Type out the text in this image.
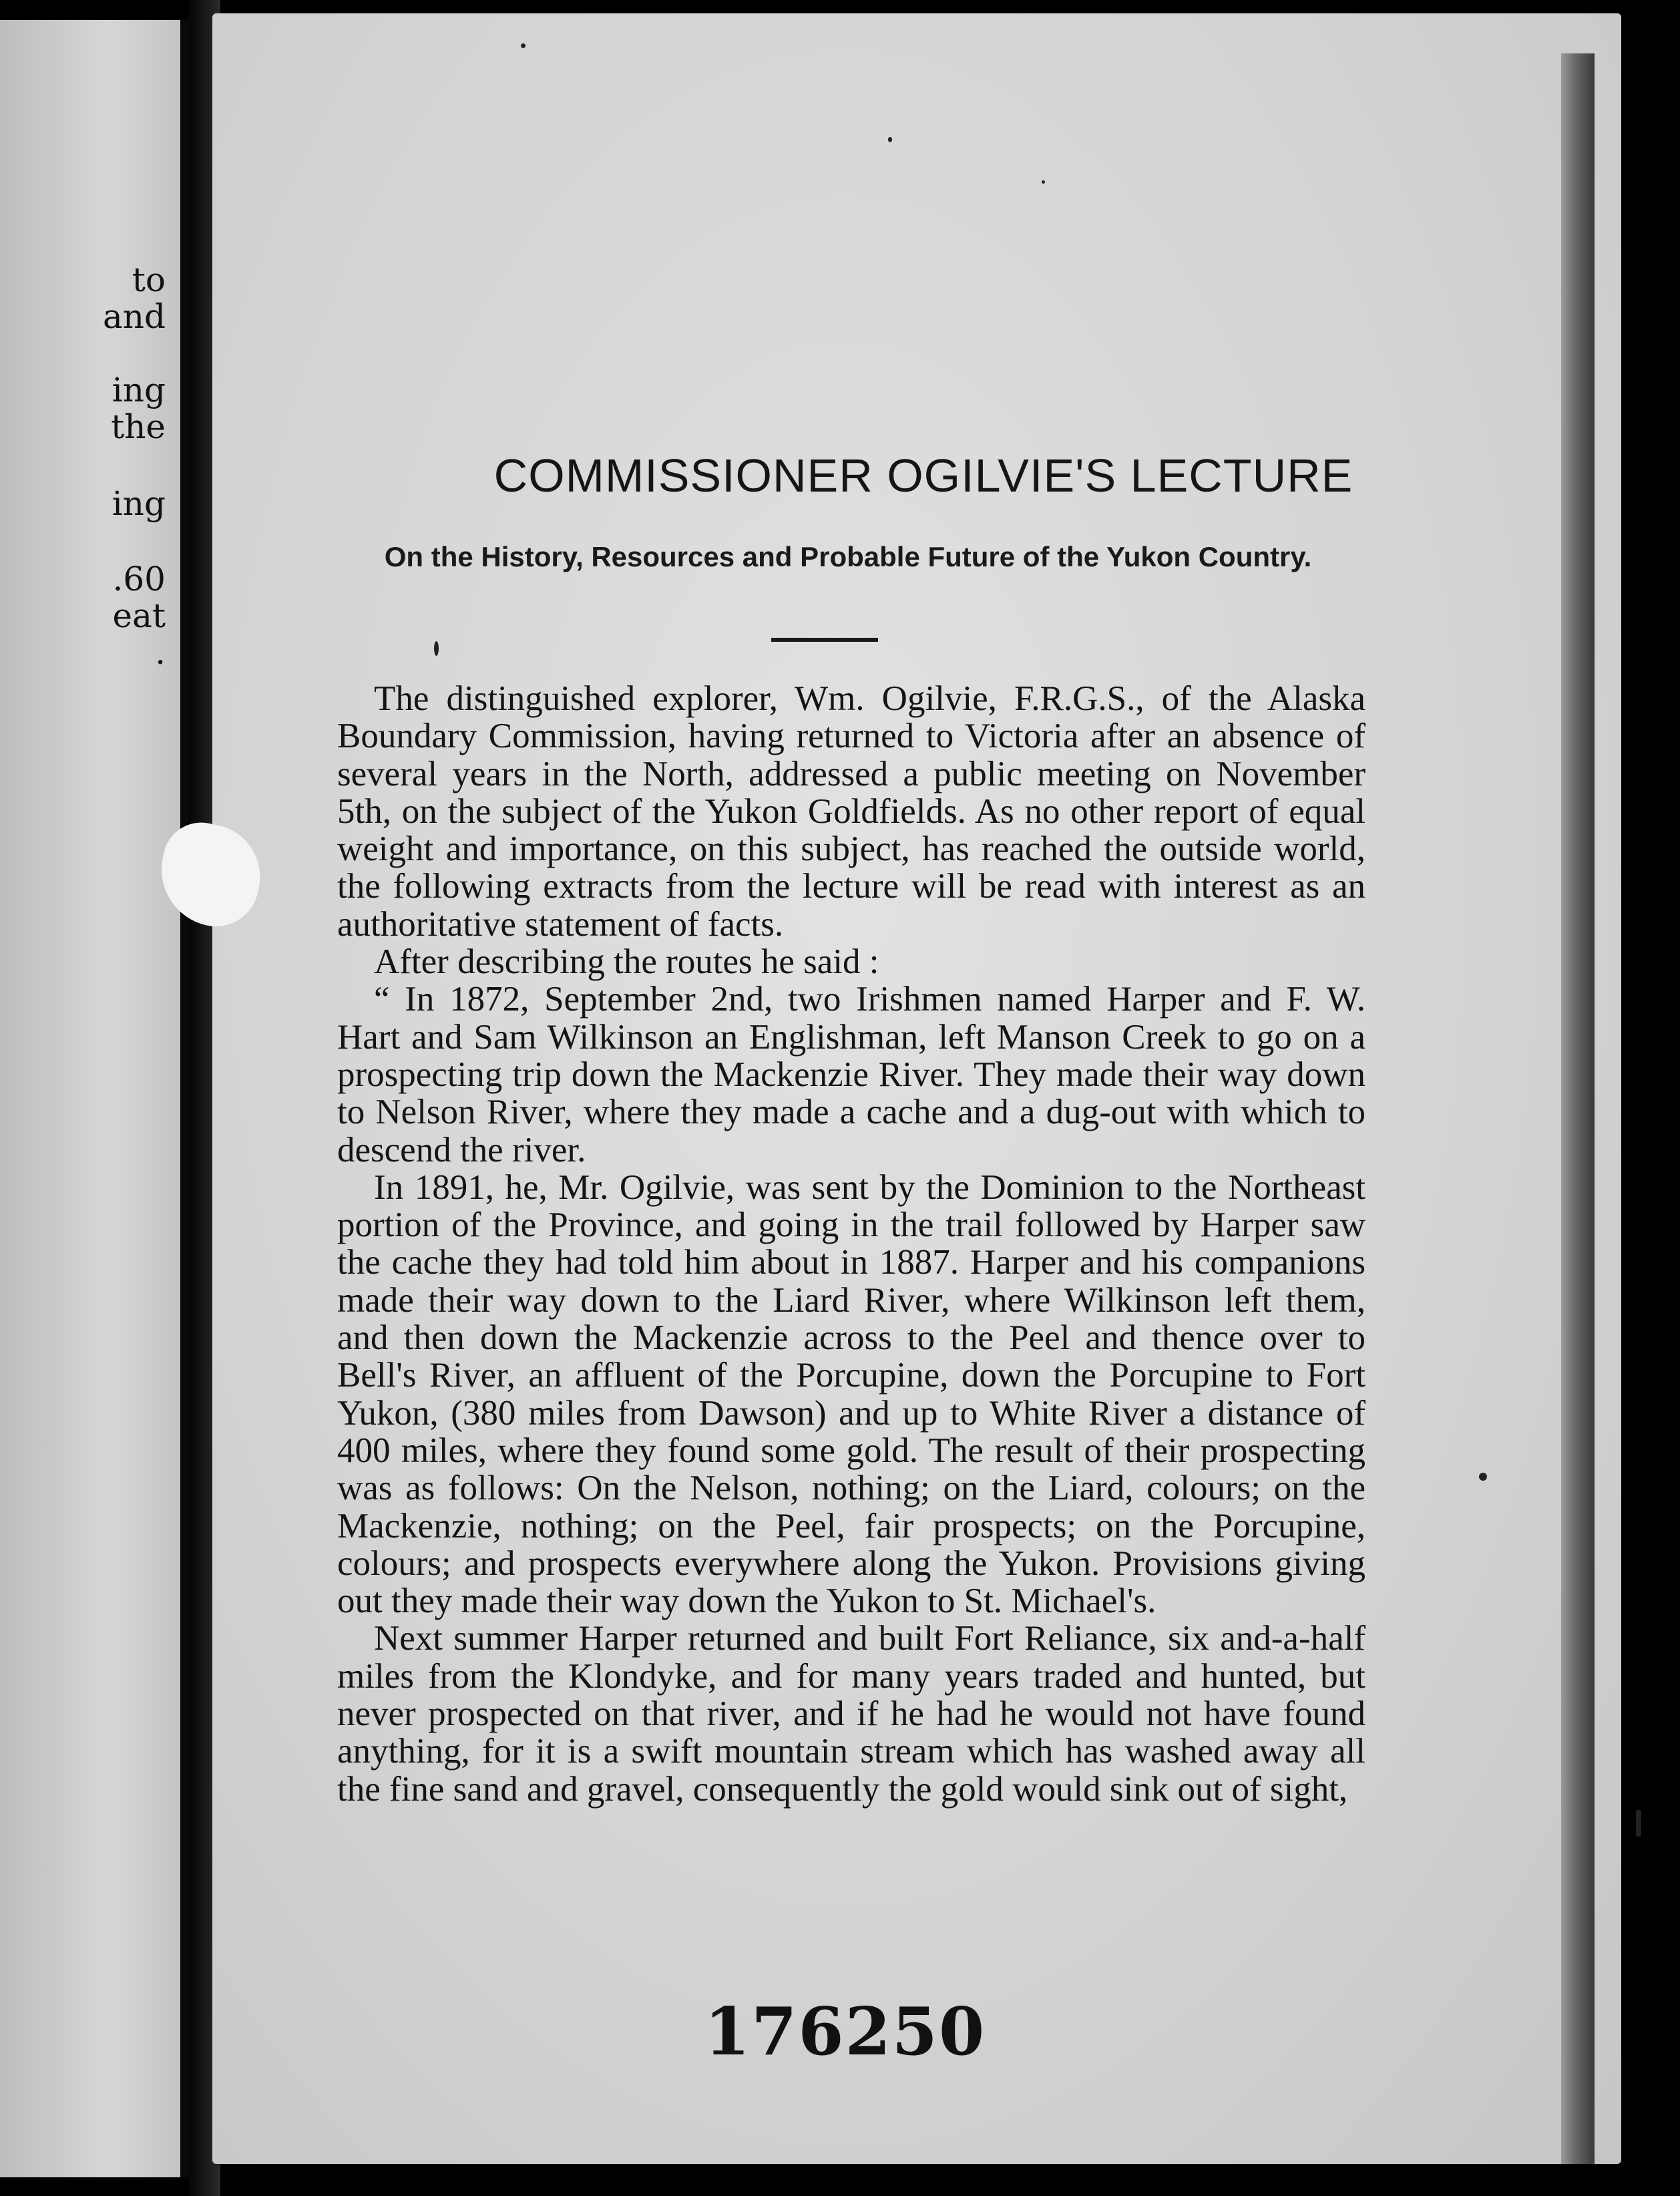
to
and
ing
the
ing
.60
eat
.
COMMISSIONER OGILVIE'S LECTURE
On the History, Resources and Probable Future of the Yukon Country.

The distinguished explorer, Wm. Ogilvie, F.R.G.S., of the Alaska Boundary Commission, having returned to Victoria after an absence of several years in the North, addressed a public meeting on November 5th, on the subject of the Yukon Goldfields. As no other report of equal weight and importance, on this subject, has reached the outside world, the following extracts from the lecture will be read with interest as an authoritative statement of facts.

After describing the routes he said :

“ In 1872, September 2nd, two Irishmen named Harper and F. W. Hart and Sam Wilkinson an Englishman, left Manson Creek to go on a prospecting trip down the Mackenzie River. They made their way down to Nelson River, where they made a cache and a dug-out with which to descend the river.

In 1891, he, Mr. Ogilvie, was sent by the Dominion to the Northeast portion of the Province, and going in the trail followed by Harper saw the cache they had told him about in 1887. Harper and his companions made their way down to the Liard River, where Wilkinson left them, and then down the Mackenzie across to the Peel and thence over to Bell's River, an affluent of the Porcupine, down the Porcupine to Fort Yukon, (380 miles from Dawson) and up to White River a distance of 400 miles, where they found some gold. The result of their prospecting was as follows: On the Nelson, nothing; on the Liard, colours; on the Mackenzie, nothing; on the Peel, fair prospects; on the Porcupine, colours; and prospects everywhere along the Yukon. Provisions giving out they made their way down the Yukon to St. Michael's.

Next summer Harper returned and built Fort Reliance, six and-a-half miles from the Klondyke, and for many years traded and hunted, but never prospected on that river, and if he had he would not have found anything, for it is a swift mountain stream which has washed away all the fine sand and gravel, consequently the gold would sink out of sight,

176250
